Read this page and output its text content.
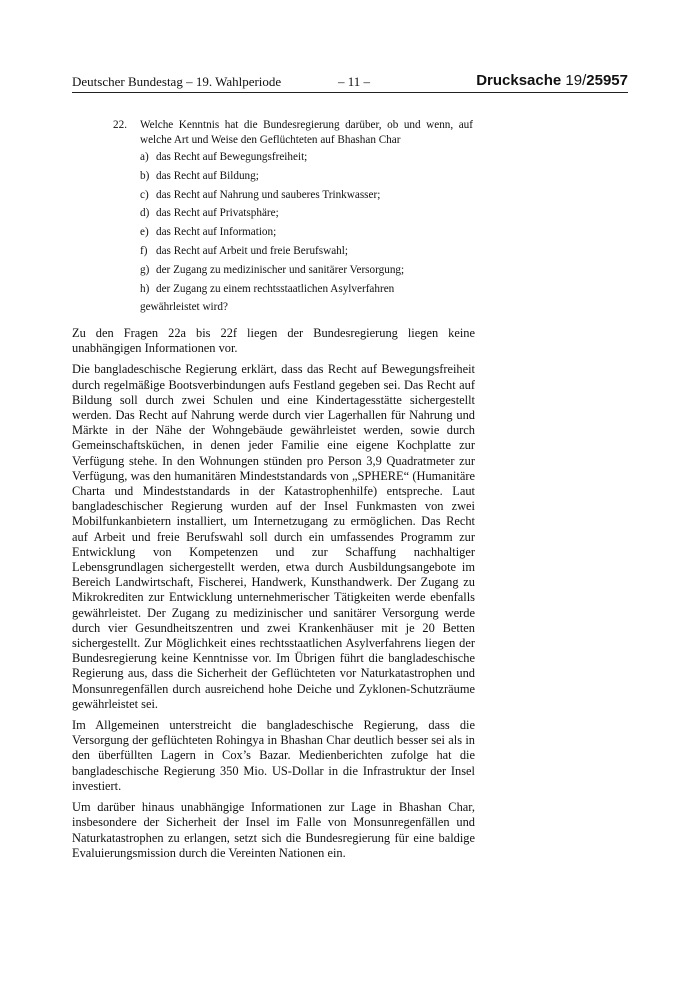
Deutscher Bundestag – 19. Wahlperiode	– 11 –	Drucksache 19/25957
22. Welche Kenntnis hat die Bundesregierung darüber, ob und wenn, auf welche Art und Weise den Geflüchteten auf Bhashan Char
a) das Recht auf Bewegungsfreiheit;
b) das Recht auf Bildung;
c) das Recht auf Nahrung und sauberes Trinkwasser;
d) das Recht auf Privatsphäre;
e) das Recht auf Information;
f) das Recht auf Arbeit und freie Berufswahl;
g) der Zugang zu medizinischer und sanitärer Versorgung;
h) der Zugang zu einem rechtsstaatlichen Asylverfahren
gewährleistet wird?

Zu den Fragen 22a bis 22f liegen der Bundesregierung liegen keine unabhängigen Informationen vor.

Die bangladeschische Regierung erklärt, dass das Recht auf Bewegungsfreiheit durch regelmäßige Bootsverbindungen aufs Festland gegeben sei. Das Recht auf Bildung soll durch zwei Schulen und eine Kindertagesstätte sichergestellt werden. Das Recht auf Nahrung werde durch vier Lagerhallen für Nahrung und Märkte in der Nähe der Wohngebäude gewährleistet werden, sowie durch Gemeinschaftsküchen, in denen jeder Familie eine eigene Kochplatte zur Verfügung stehe. In den Wohnungen stünden pro Person 3,9 Quadratmeter zur Verfügung, was den humanitären Mindeststandards von „SPHERE“ (Humanitäre Charta und Mindeststandards in der Katastrophenhilfe) entspreche. Laut bangladeschischer Regierung wurden auf der Insel Funkmasten von zwei Mobilfunkanbietern installiert, um Internetzugang zu ermöglichen. Das Recht auf Arbeit und freie Berufswahl soll durch ein umfassendes Programm zur Entwicklung von Kompetenzen und zur Schaffung nachhaltiger Lebensgrundlagen sichergestellt werden, etwa durch Ausbildungsangebote im Bereich Landwirtschaft, Fischerei, Handwerk, Kunsthandwerk. Der Zugang zu Mikrokrediten zur Entwicklung unternehmerischer Tätigkeiten werde ebenfalls gewährleistet. Der Zugang zu medizinischer und sanitärer Versorgung werde durch vier Gesundheitszentren und zwei Krankenhäuser mit je 20 Betten sichergestellt. Zur Möglichkeit eines rechtsstaatlichen Asylverfahrens liegen der Bundesregierung keine Kenntnisse vor. Im Übrigen führt die bangladeschische Regierung aus, dass die Sicherheit der Geflüchteten vor Naturkatastrophen und Monsunregenfällen durch ausreichend hohe Deiche und Zyklonen-Schutzräume gewährleistet sei.

Im Allgemeinen unterstreicht die bangladeschische Regierung, dass die Versorgung der geflüchteten Rohingya in Bhashan Char deutlich besser sei als in den überfüllten Lagern in Cox’s Bazar. Medienberichten zufolge hat die bangladeschische Regierung 350 Mio. US-Dollar in die Infrastruktur der Insel investiert.

Um darüber hinaus unabhängige Informationen zur Lage in Bhashan Char, insbesondere der Sicherheit der Insel im Falle von Monsunregenfällen und Naturkatastrophen zu erlangen, setzt sich die Bundesregierung für eine baldige Evaluierungsmission durch die Vereinten Nationen ein.
